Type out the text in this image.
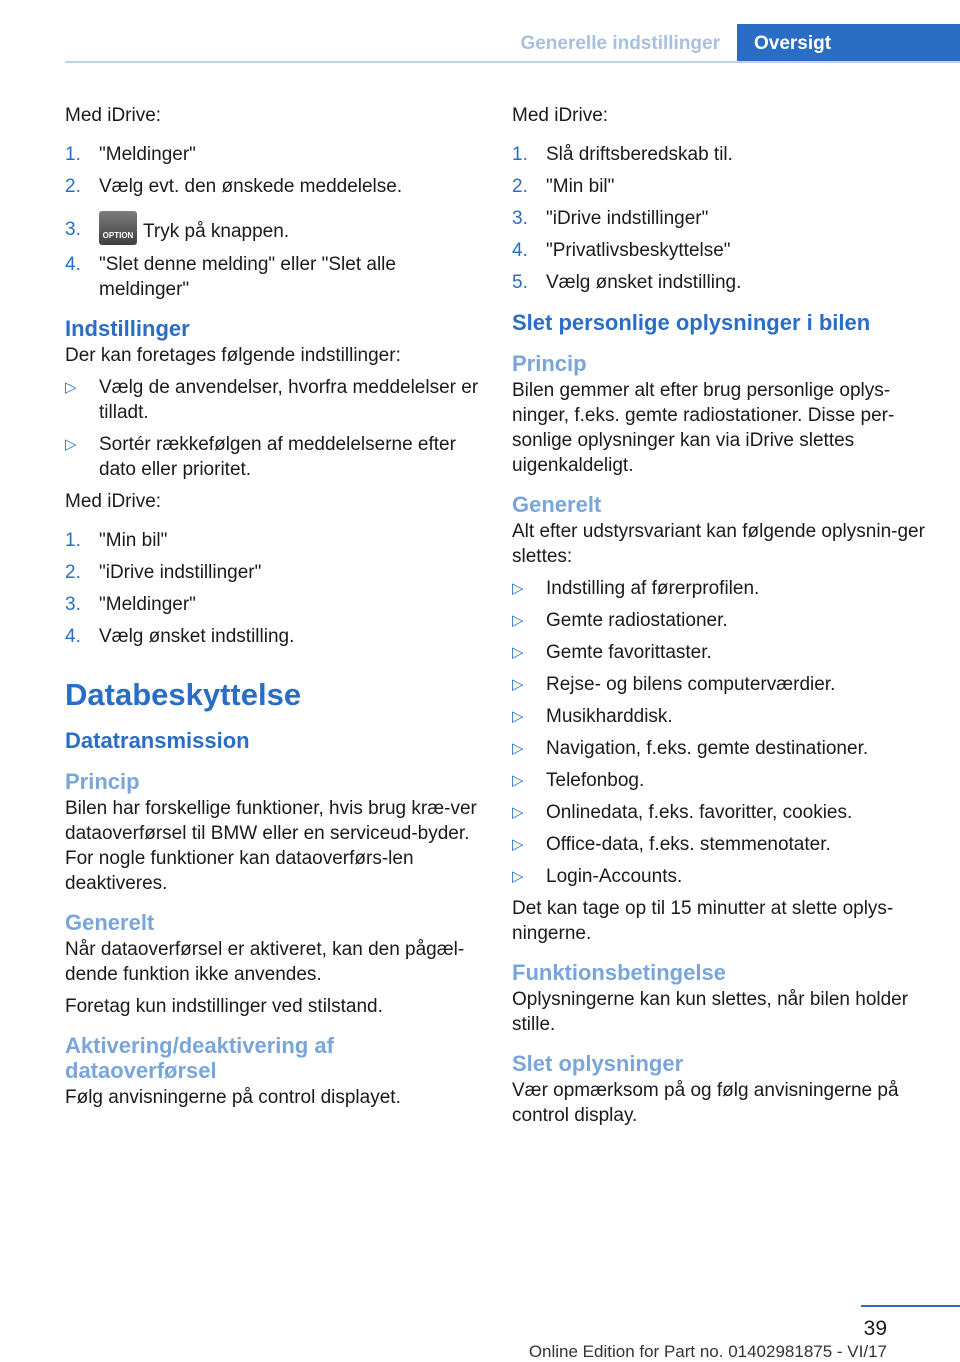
Generelle indstillinger	Oversigt

Med iDrive:

1. "Meldinger"
2. Vælg evt. den ønskede meddelelse.
3.	OPTION Tryk på knappen.
4. "Slet denne melding" eller "Slet alle meldinger"
Indstillinger

Der kan foretages følgende indstillinger:

▷ Vælg de anvendelser, hvorfra meddelelser er tilladt.
▷ Sortér rækkefølgen af meddelelserne efter dato eller prioritet.

Med iDrive:

1. "Min bil"
2. "iDrive indstillinger"
3. "Meldinger"
4. Vælg ønsket indstilling.
Databeskyttelse
Datatransmission
Princip

Bilen har forskellige funktioner, hvis brug kræ‐ver dataoverførsel til BMW eller en serviceud‐byder. For nogle funktioner kan dataoverførs‐len deaktiveres.

Generelt

Når dataoverførsel er aktiveret, kan den pågæl‐dende funktion ikke anvendes.

Foretag kun indstillinger ved stilstand.

Aktivering/deaktivering af dataoverførsel

Følg anvisningerne på control displayet.

Med iDrive:

1. Slå driftsberedskab til.
2. "Min bil"
3. "iDrive indstillinger"
4. "Privatlivsbeskyttelse"
5. Vælg ønsket indstilling.
Slet personlige oplysninger i bilen
Princip

Bilen gemmer alt efter brug personlige oplys‐ninger, f.eks. gemte radiostationer. Disse per‐sonlige oplysninger kan via iDrive slettes uigenkaldeligt.

Generelt

Alt efter udstyrsvariant kan følgende oplysnin‐ger slettes:

▷ Indstilling af førerprofilen.
▷ Gemte radiostationer.
▷ Gemte favorittaster.
▷ Rejse- og bilens computerværdier.
▷ Musikharddisk.
▷ Navigation, f.eks. gemte destinationer.
▷ Telefonbog.
▷ Onlinedata, f.eks. favoritter, cookies.
▷ Office-data, f.eks. stemmenotater.
▷ Login-Accounts.

Det kan tage op til 15 minutter at slette oplys‐ningerne.

Funktionsbetingelse

Oplysningerne kan kun slettes, når bilen holder stille.

Slet oplysninger

Vær opmærksom på og følg anvisningerne på control display.

39
Online Edition for Part no. 01402981875 - VI/17
